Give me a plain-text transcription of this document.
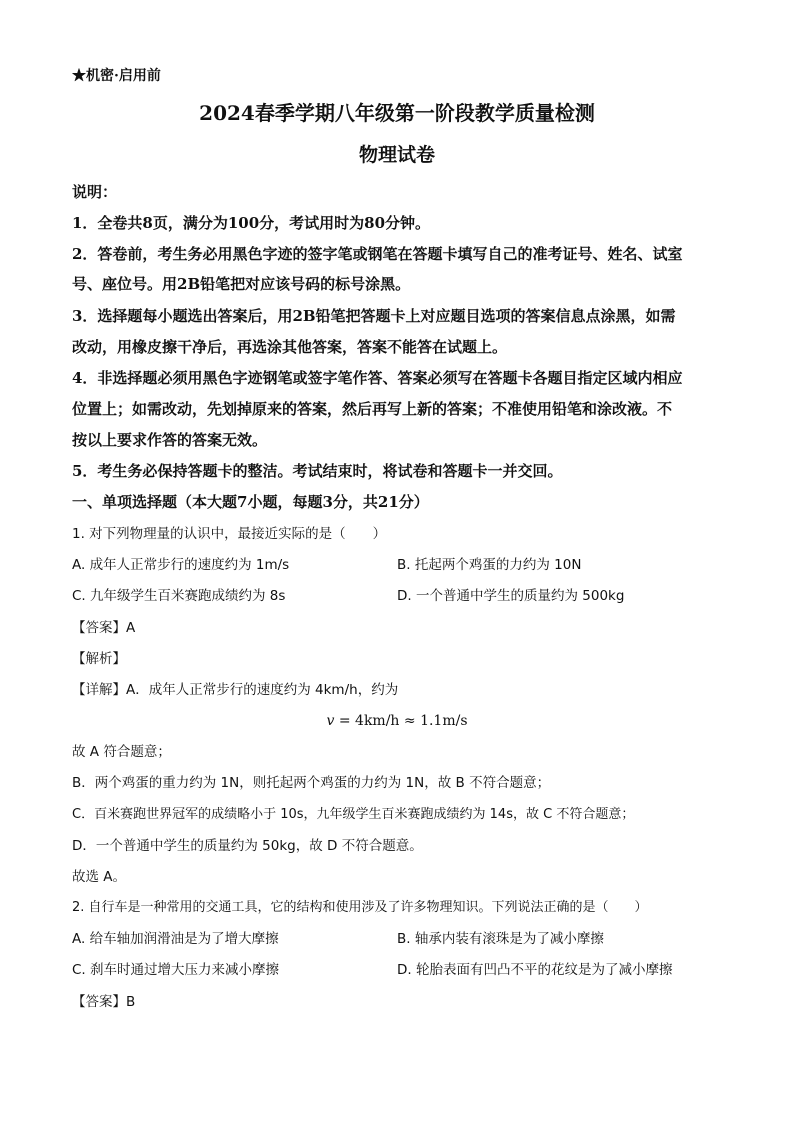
★机密·启用前
2024春季学期八年级第一阶段教学质量检测
物理试卷
说明：
1．全卷共8页，满分为100分，考试用时为80分钟。
2．答卷前，考生务必用黑色字迹的签字笔或钢笔在答题卡填写自己的准考证号、姓名、试室
号、座位号。用2B铅笔把对应该号码的标号涂黑。
3．选择题每小题选出答案后，用2B铅笔把答题卡上对应题目选项的答案信息点涂黑，如需
改动，用橡皮擦干净后，再选涂其他答案，答案不能答在试题上。
4．非选择题必须用黑色字迹钢笔或签字笔作答、答案必须写在答题卡各题目指定区域内相应
位置上；如需改动，先划掉原来的答案，然后再写上新的答案；不准使用铅笔和涂改液。不
按以上要求作答的答案无效。
5．考生务必保持答题卡的整洁。考试结束时，将试卷和答题卡一并交回。
一、单项选择题（本大题7小题，每题3分，共21分）
1. 对下列物理量的认识中，最接近实际的是（　　）
A. 成年人正常步行的速度约为 1m/s	B. 托起两个鸡蛋的力约为 10N
C. 九年级学生百米赛跑成绩约为 8s	D. 一个普通中学生的质量约为 500kg
【答案】A
【解析】
【详解】A．成年人正常步行的速度约为 4km/h，约为
v = 4km/h ≈ 1.1m/s
故 A 符合题意；
B．两个鸡蛋的重力约为 1N，则托起两个鸡蛋的力约为 1N，故 B 不符合题意；
C．百米赛跑世界冠军的成绩略小于 10s，九年级学生百米赛跑成绩约为 14s，故 C 不符合题意；
D．一个普通中学生的质量约为 50kg，故 D 不符合题意。
故选 A。
2. 自行车是一种常用的交通工具，它的结构和使用涉及了许多物理知识。下列说法正确的是（　　）
A. 给车轴加润滑油是为了增大摩擦	B. 轴承内装有滚珠是为了减小摩擦
C. 刹车时通过增大压力来减小摩擦	D. 轮胎表面有凹凸不平的花纹是为了减小摩擦
【答案】B
